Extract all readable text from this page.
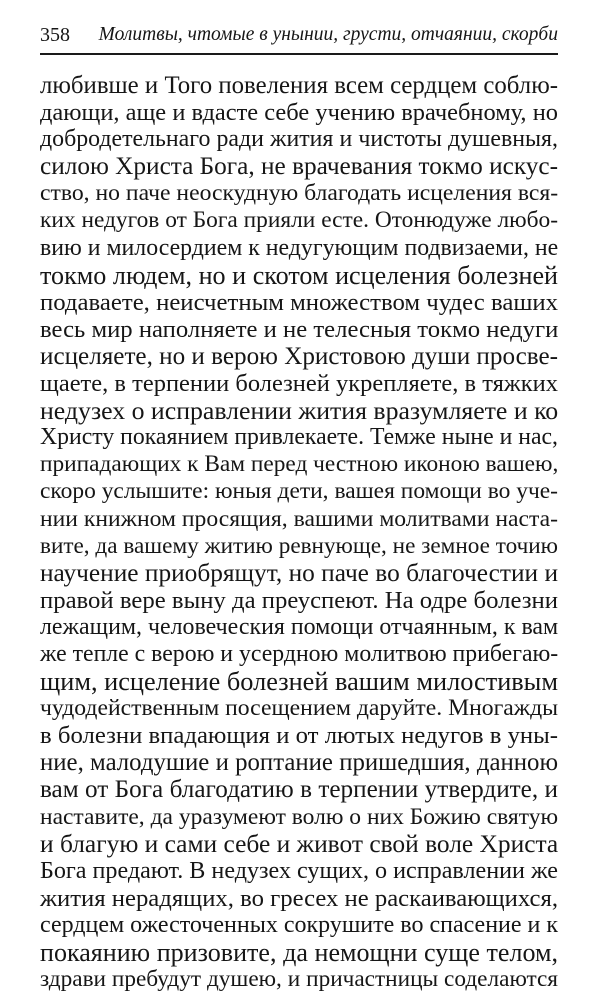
358 Молитвы, чтомые в унынии, грусти, отчаянии, скорби
любивше и Того повеления всем сердцем соблю-
дающи, аще и вдасте себе учению врачебному, но
добродетельнаго ради жития и чистоты душевныя,
силою Христа Бога, не врачевания токмо искус-
ство, но паче неоскудную благодать исцеления вся-
ких недугов от Бога прияли есте. Отонюдуже любо-
вию и милосердием к недугующим подвизаеми, не
токмо людем, но и скотом исцеления болезней
подаваете, неисчетным множеством чудес ваших
весь мир наполняете и не телесныя токмо недуги
исцеляете, но и верою Христовою души просве-
щаете, в терпении болезней укрепляете, в тяжких
недузех о исправлении жития вразумляете и ко
Христу покаянием привлекаете. Темже ныне и нас,
припадающих к Вам перед честною иконою вашею,
скоро услышите: юныя дети, вашея помощи во уче-
нии книжном просящия, вашими молитвами наста-
вите, да вашему житию ревнующе, не земное точию
научение приобрящут, но паче во благочестии и
правой вере выну да преуспеют. На одре болезни
лежащим, человеческия помощи отчаянным, к вам
же тепле с верою и усердною молитвою прибегаю-
щим, исцеление болезней вашим милостивым
чудодейственным посещением даруйте. Многажды
в болезни впадающия и от лютых недугов в уны-
ние, малодушие и роптание пришедшия, данною
вам от Бога благодатию в терпении утвердите, и
наставите, да уразумеют волю о них Божию святую
и благую и сами себе и живот свой воле Христа
Бога предают. В недузех сущих, о исправлении же
жития нерадящих, во гресех не раскаивающихся,
сердцем ожесточенных сокрушите во спасение и к
покаянию призовите, да немощни суще телом,
здрави пребудут душею, и причастницы соделаются
